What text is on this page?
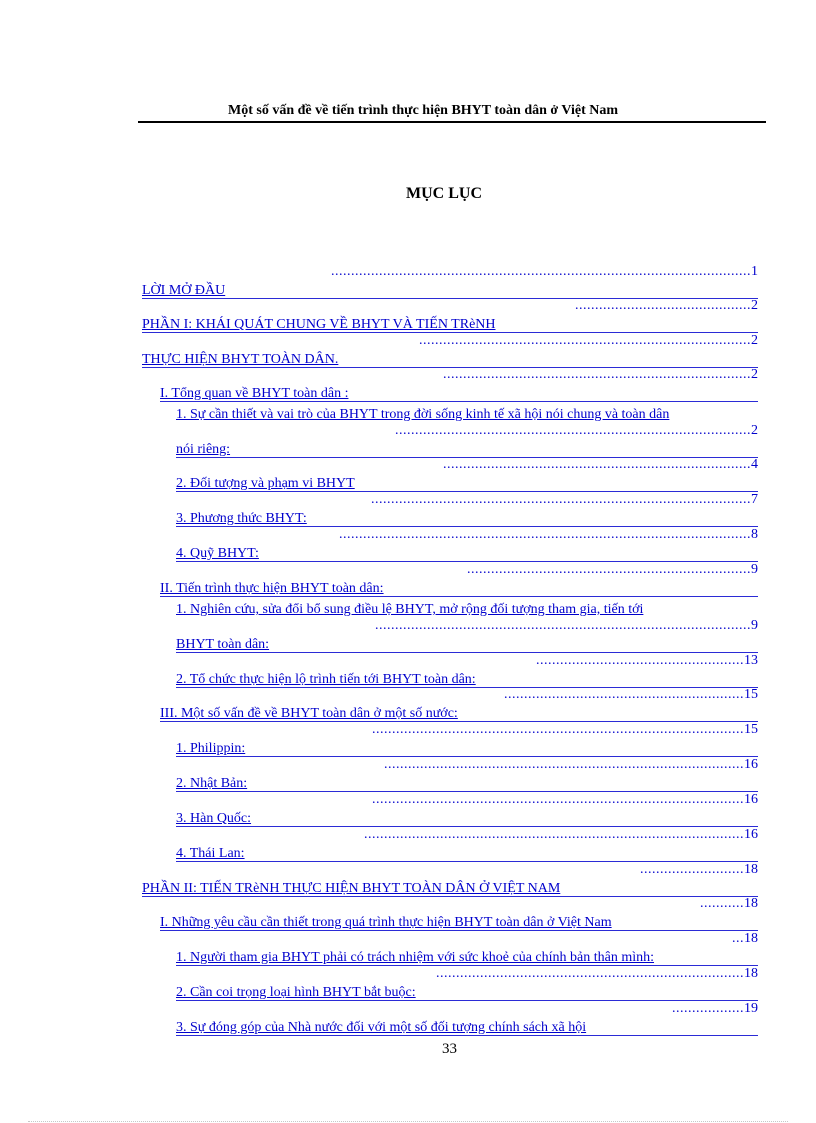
Một số vấn đề về tiến trình thực hiện BHYT toàn dân ở Việt Nam
MỤC LỤC
LỜI MỞ ĐẦU
.........................................................................................................1
PHẦN I: KHÁI QUÁT CHUNG VỀ BHYT VÀ TIẾN TRèNH
............................................2
THỰC HIỆN BHYT TOÀN DÂN.
...................................................................................2
I. Tổng quan về BHYT toàn dân :
.............................................................................2
1. Sự cần thiết và vai trò của BHYT trong đời sống kinh tế xã hội nói chung và toàn dân
nói riêng:
.........................................................................................2
2. Đối tượng và phạm vi BHYT
.............................................................................4
3. Phương thức BHYT:
...............................................................................................7
4. Quỹ BHYT:
.......................................................................................................8
II. Tiến trình thực hiện BHYT toàn dân:
.......................................................................9
1. Nghiên cứu, sửa đổi bổ sung điều lệ BHYT, mở rộng đối tượng tham gia, tiến tới
BHYT toàn dân:
..............................................................................................9
2. Tổ chức thực hiện lộ trình tiến tới BHYT toàn dân:
....................................................13
III. Một số vấn đề về BHYT toàn dân ở một số nước:
............................................................15
1. Philippin:
.............................................................................................15
2. Nhật Bản:
..........................................................................................16
3. Hàn Quốc:
.............................................................................................16
4. Thái Lan:
...............................................................................................16
PHẦN II: TIẾN TRèNH THỰC HIỆN BHYT TOÀN DÂN Ở VIỆT NAM
..........................18
I. Những yêu cầu cần thiết trong quá trình thực hiện BHYT toàn dân ở Việt Nam
...........18
1. Người tham gia BHYT phải có trách nhiệm với sức khoẻ của chính bản thân mình:
...18
2. Cần coi trọng loại hình BHYT bắt buộc:
.............................................................................18
3. Sự đóng góp của Nhà nước đối với một số đối tượng chính sách xã hội
..................19
33
